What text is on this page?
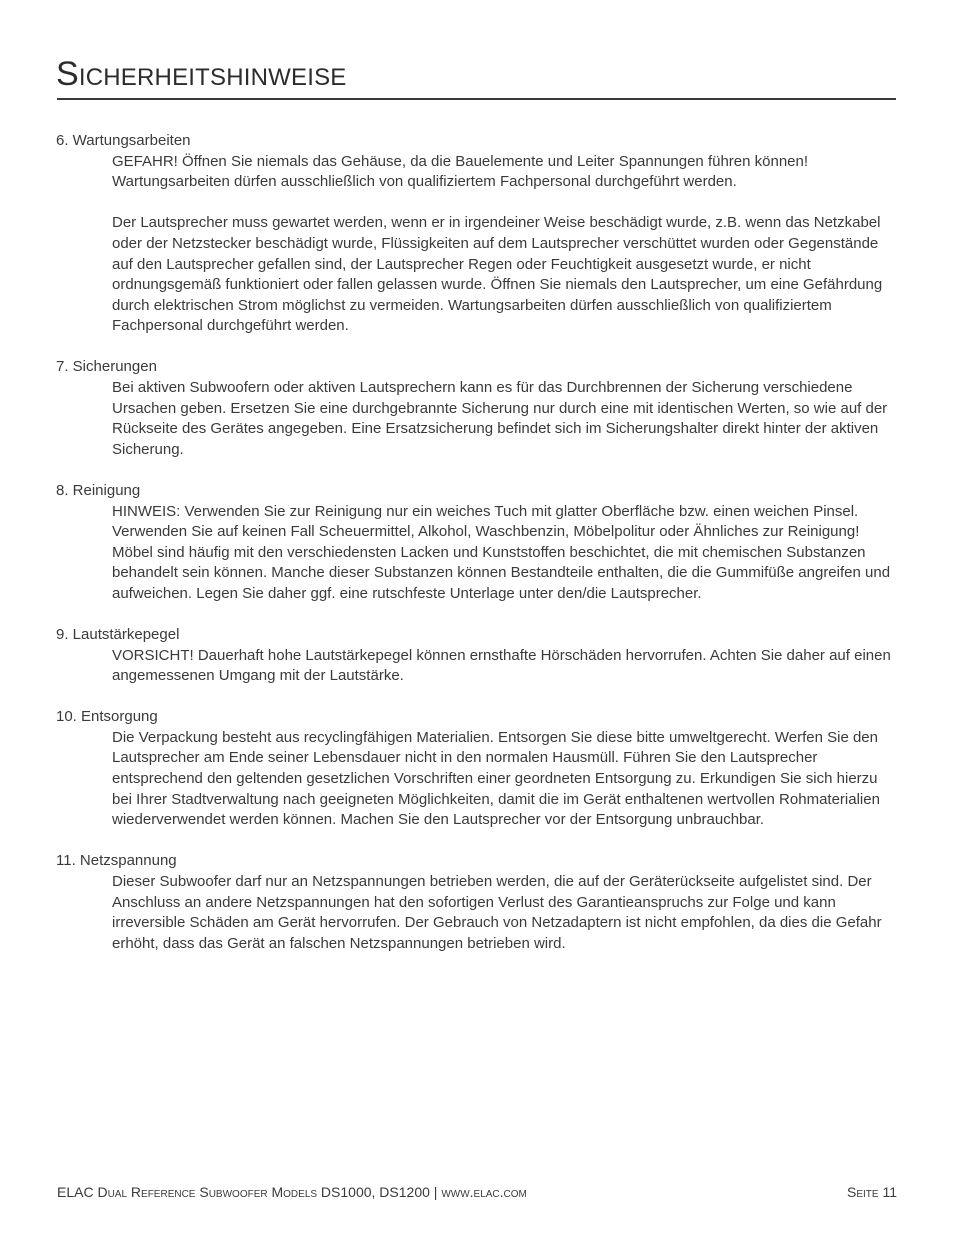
Sicherheitshinweise

6. Wartungsarbeiten

GEFAHR! Öffnen Sie niemals das Gehäuse, da die Bauelemente und Leiter Spannungen führen können! Wartungsarbeiten dürfen ausschließlich von qualifiziertem Fachpersonal durchgeführt werden.

Der Lautsprecher muss gewartet werden, wenn er in irgendeiner Weise beschädigt wurde, z.B. wenn das Netzkabel oder der Netzstecker beschädigt wurde, Flüssigkeiten auf dem Lautsprecher verschüttet wurden oder Gegenstände auf den Lautsprecher gefallen sind, der Lautsprecher Regen oder Feuchtigkeit ausgesetzt wurde, er nicht ordnungsgemäß funktioniert oder fallen gelassen wurde. Öffnen Sie niemals den Lautsprecher, um eine Gefährdung durch elektrischen Strom möglichst zu vermeiden. Wartungsarbeiten dürfen ausschließlich von qualifiziertem Fachpersonal durchgeführt werden.

7. Sicherungen

Bei aktiven Subwoofern oder aktiven Lautsprechern kann es für das Durchbrennen der Sicherung verschiedene Ursachen geben. Ersetzen Sie eine durchgebrannte Sicherung nur durch eine mit identischen Werten, so wie auf der Rückseite des Gerätes angegeben. Eine Ersatzsicherung befindet sich im Sicherungshalter direkt hinter der aktiven Sicherung.

8. Reinigung

HINWEIS: Verwenden Sie zur Reinigung nur ein weiches Tuch mit glatter Oberfläche bzw. einen weichen Pinsel. Verwenden Sie auf keinen Fall Scheuermittel, Alkohol, Waschbenzin, Möbelpolitur oder Ähnliches zur Reinigung! Möbel sind häufig mit den verschiedensten Lacken und Kunststoffen beschichtet, die mit chemischen Substanzen behandelt sein können. Manche dieser Substanzen können Bestandteile enthalten, die die Gummifüße angreifen und aufweichen. Legen Sie daher ggf. eine rutschfeste Unterlage unter den/die Lautsprecher.

9. Lautstärkepegel

VORSICHT! Dauerhaft hohe Lautstärkepegel können ernsthafte Hörschäden hervorrufen. Achten Sie daher auf einen angemessenen Umgang mit der Lautstärke.

10. Entsorgung

Die Verpackung besteht aus recyclingfähigen Materialien. Entsorgen Sie diese bitte umweltgerecht. Werfen Sie den Lautsprecher am Ende seiner Lebensdauer nicht in den normalen Hausmüll. Führen Sie den Lautsprecher entsprechend den geltenden gesetzlichen Vorschriften einer geordneten Entsorgung zu. Erkundigen Sie sich hierzu bei Ihrer Stadtverwaltung nach geeigneten Möglichkeiten, damit die im Gerät enthaltenen wertvollen Rohmaterialien wiederverwendet werden können. Machen Sie den Lautsprecher vor der Entsorgung unbrauchbar.

11. Netzspannung

Dieser Subwoofer darf nur an Netzspannungen betrieben werden, die auf der Geräterückseite aufgelistet sind. Der Anschluss an andere Netzspannungen hat den sofortigen Verlust des Garantieanspruchs zur Folge und kann irreversible Schäden am Gerät hervorrufen. Der Gebrauch von Netzadaptern ist nicht empfohlen, da dies die Gefahr erhöht, dass das Gerät an falschen Netzspannungen betrieben wird.

ELAC Dual Reference Subwoofer Models DS1000, DS1200 | www.elac.com	Seite 11
